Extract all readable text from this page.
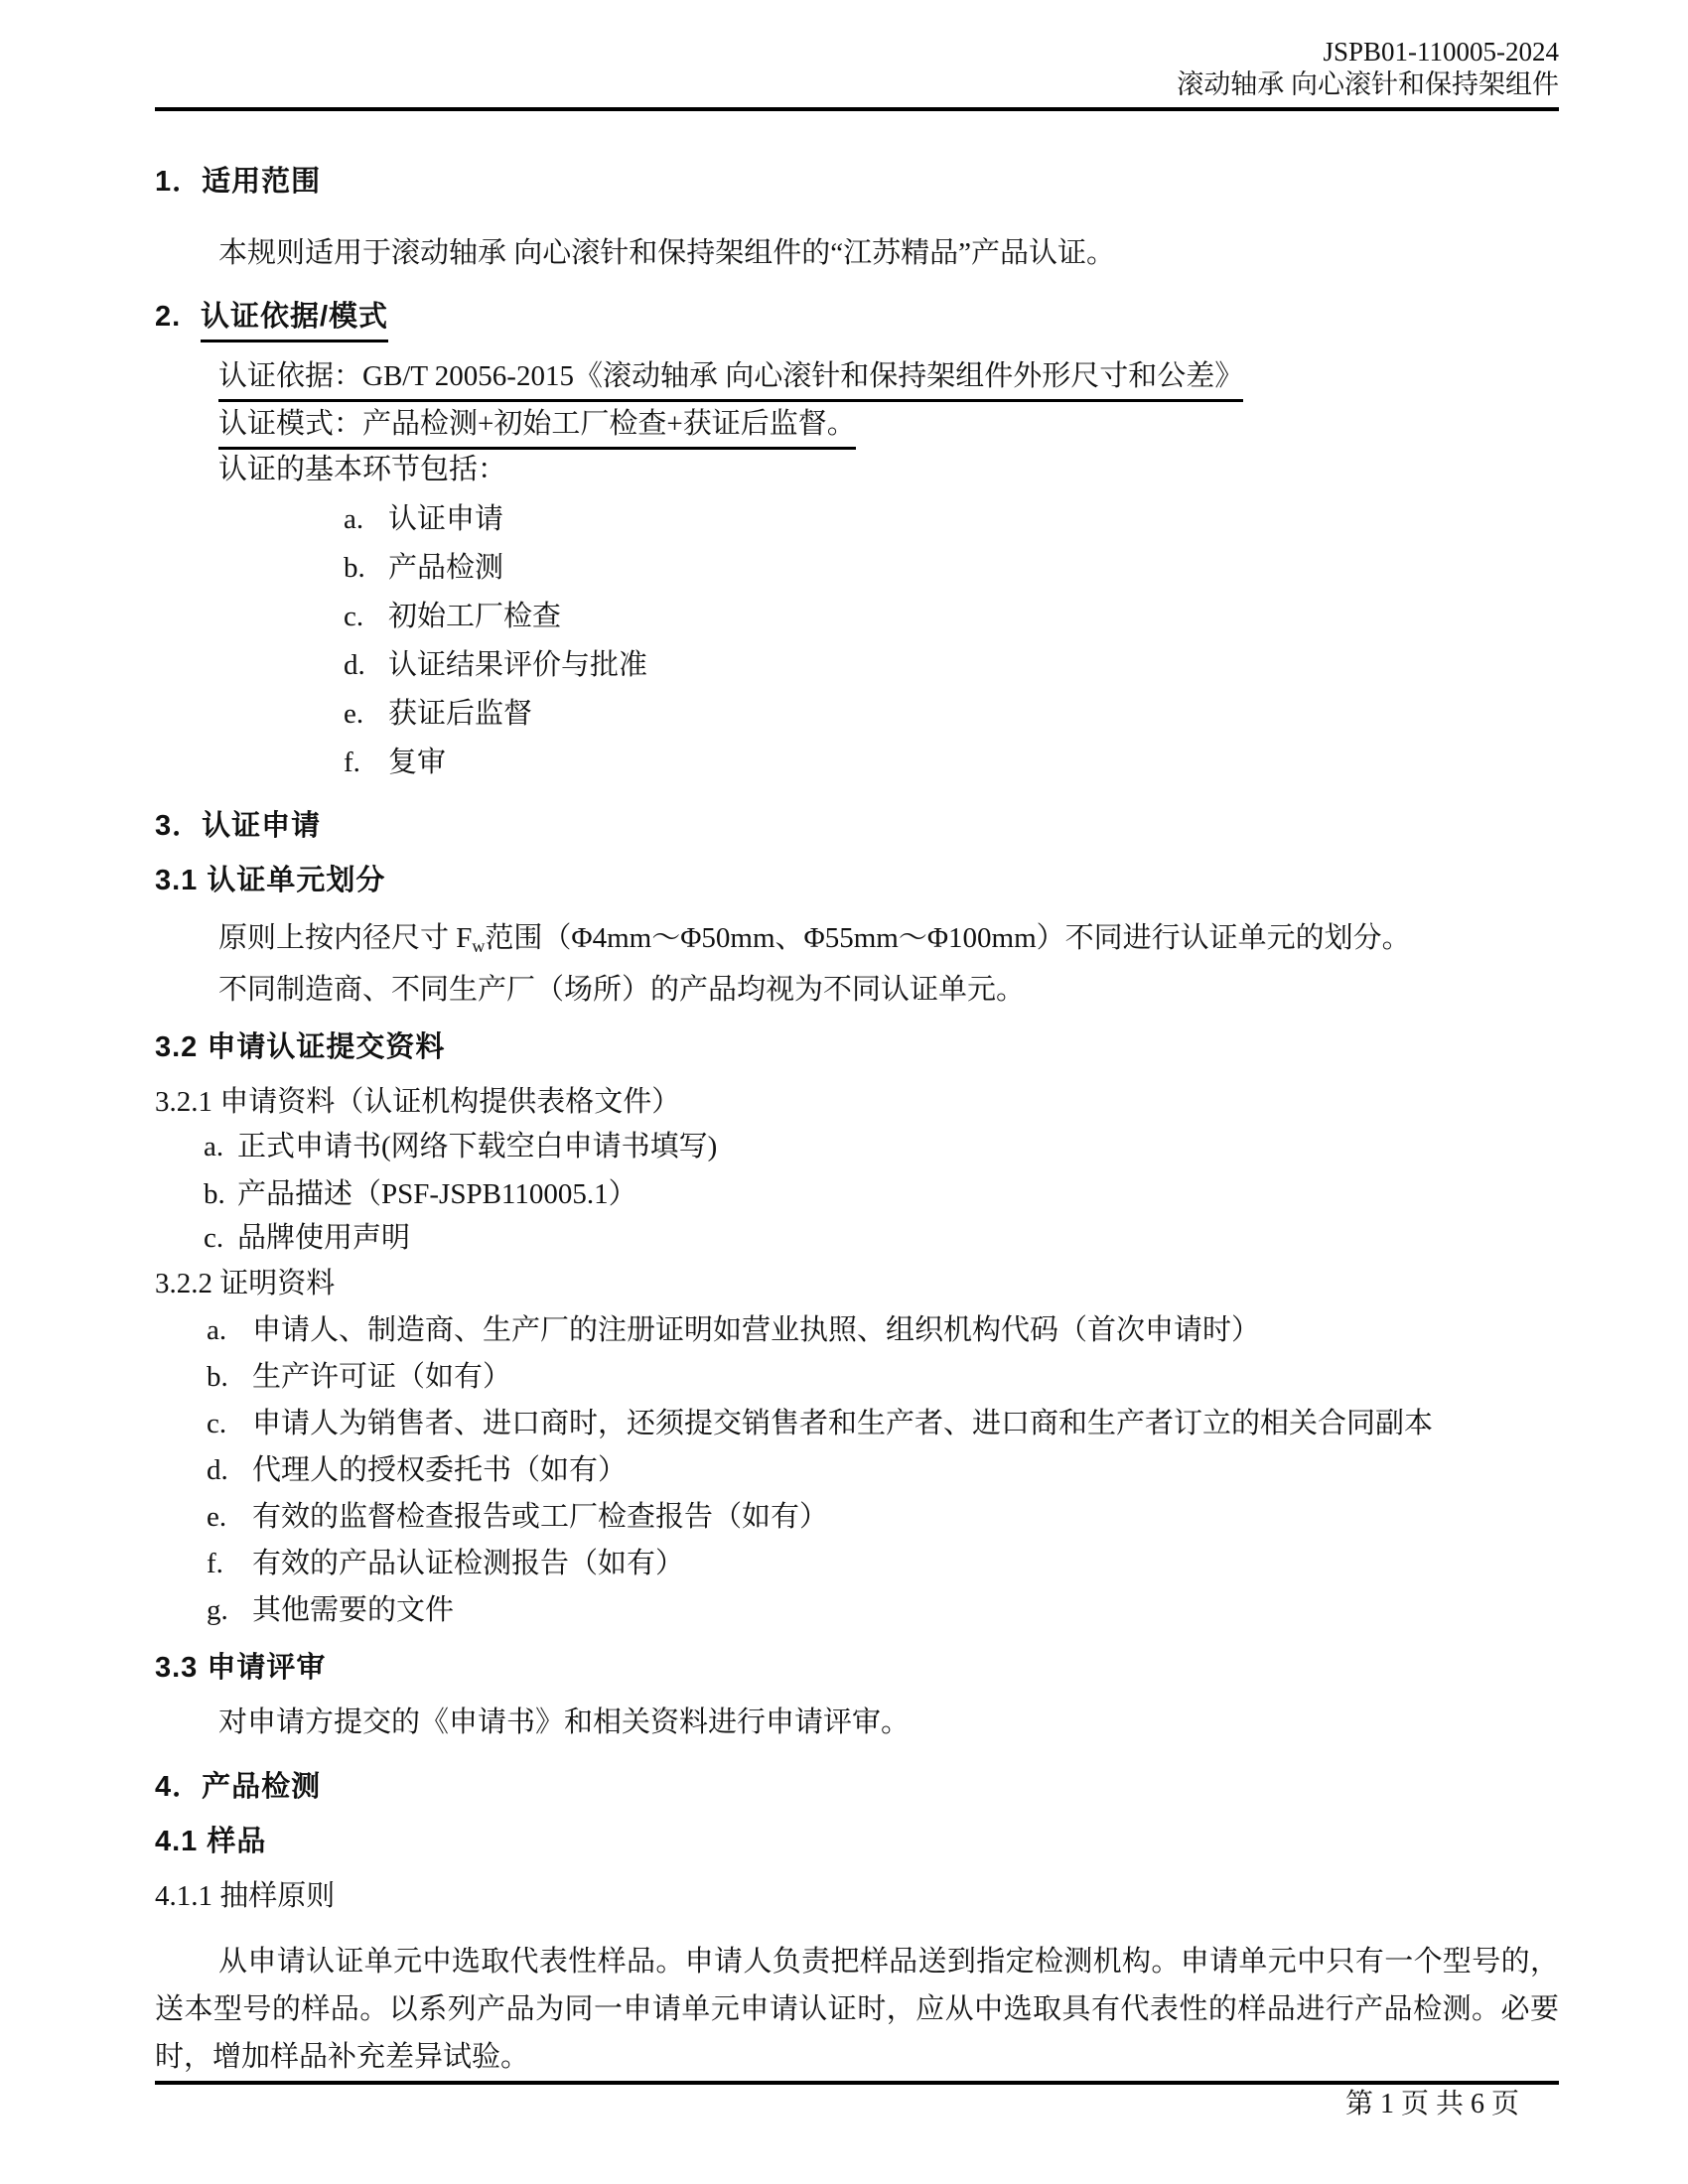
JSPB01-110005-2024
滚动轴承 向心滚针和保持架组件
1．适用范围
本规则适用于滚动轴承 向心滚针和保持架组件的“江苏精品”产品认证。
2. 认证依据/模式
认证依据：GB/T 20056-2015《滚动轴承 向心滚针和保持架组件外形尺寸和公差》
认证模式：产品检测+初始工厂检查+获证后监督。
认证的基本环节包括：
a. 认证申请
b. 产品检测
c. 初始工厂检查
d. 认证结果评价与批准
e. 获证后监督
f. 复审
3．认证申请
3.1 认证单元划分
原则上按内径尺寸 Fw范围（Φ4mm～Φ50mm、Φ55mm～Φ100mm）不同进行认证单元的划分。
不同制造商、不同生产厂（场所）的产品均视为不同认证单元。
3.2 申请认证提交资料
3.2.1 申请资料（认证机构提供表格文件）
a. 正式申请书(网络下载空白申请书填写)
b. 产品描述（PSF-JSPB110005.1）
c. 品牌使用声明
3.2.2 证明资料
a. 申请人、制造商、生产厂的注册证明如营业执照、组织机构代码（首次申请时）
b. 生产许可证（如有）
c. 申请人为销售者、进口商时，还须提交销售者和生产者、进口商和生产者订立的相关合同副本
d. 代理人的授权委托书（如有）
e. 有效的监督检查报告或工厂检查报告（如有）
f. 有效的产品认证检测报告（如有）
g. 其他需要的文件
3.3 申请评审
对申请方提交的《申请书》和相关资料进行申请评审。
4．产品检测
4.1 样品
4.1.1 抽样原则
从申请认证单元中选取代表性样品。申请人负责把样品送到指定检测机构。申请单元中只有一个型号的，送本型号的样品。以系列产品为同一申请单元申请认证时，应从中选取具有代表性的样品进行产品检测。必要时，增加样品补充差异试验。
第 1 页 共 6 页
